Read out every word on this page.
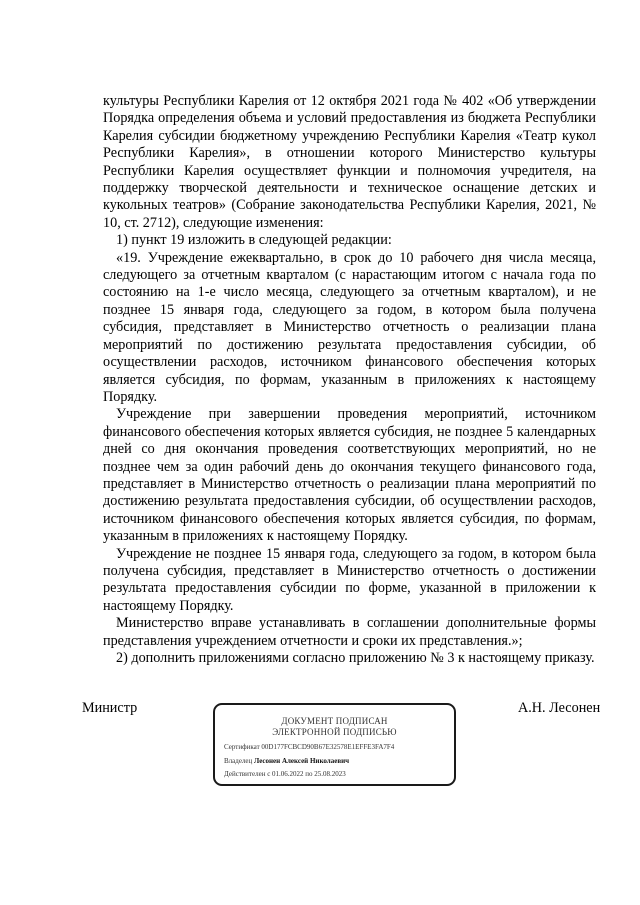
культуры Республики Карелия от 12 октября 2021 года № 402 «Об утверждении Порядка определения объема и условий предоставления из бюджета Республики Карелия субсидии бюджетному учреждению Республики Карелия «Театр кукол Республики Карелия», в отношении которого Министерство культуры Республики Карелия осуществляет функции и полномочия учредителя, на поддержку творческой деятельности и техническое оснащение детских и кукольных театров» (Собрание законодательства Республики Карелия, 2021, № 10, ст. 2712), следующие изменения:

1) пункт 19 изложить в следующей редакции:

«19. Учреждение ежеквартально, в срок до 10 рабочего дня числа месяца, следующего за отчетным кварталом (с нарастающим итогом с начала года по состоянию на 1-е число месяца, следующего за отчетным кварталом), и не позднее 15 января года, следующего за годом, в котором была получена субсидия, представляет в Министерство отчетность о реализации плана мероприятий по достижению результата предоставления субсидии, об осуществлении расходов, источником финансового обеспечения которых является субсидия, по формам, указанным в приложениях к настоящему Порядку.

Учреждение при завершении проведения мероприятий, источником финансового обеспечения которых является субсидия, не позднее 5 календарных дней со дня окончания проведения соответствующих мероприятий, но не позднее чем за один рабочий день до окончания текущего финансового года, представляет в Министерство отчетность о реализации плана мероприятий по достижению результата предоставления субсидии, об осуществлении расходов, источником финансового обеспечения которых является субсидия, по формам, указанным в приложениях к настоящему Порядку.

Учреждение не позднее 15 января года, следующего за годом, в котором была получена субсидия, представляет в Министерство отчетность о достижении результата предоставления субсидии по форме, указанной в приложении к настоящему Порядку.

Министерство вправе устанавливать в соглашении дополнительные формы представления учреждением отчетности и сроки их представления.»;

2) дополнить приложениями согласно приложению № 3 к настоящему приказу.

Министр	А.Н. Лесонен
ДОКУМЕНТ ПОДПИСАН
ЭЛЕКТРОННОЙ ПОДПИСЬЮ
Сертификат 00D177FCBCD90B67E32578E1EFFE3FA7F4
Владелец Лесонен Алексей Николаевич
Действителен с 01.06.2022 по 25.08.2023
